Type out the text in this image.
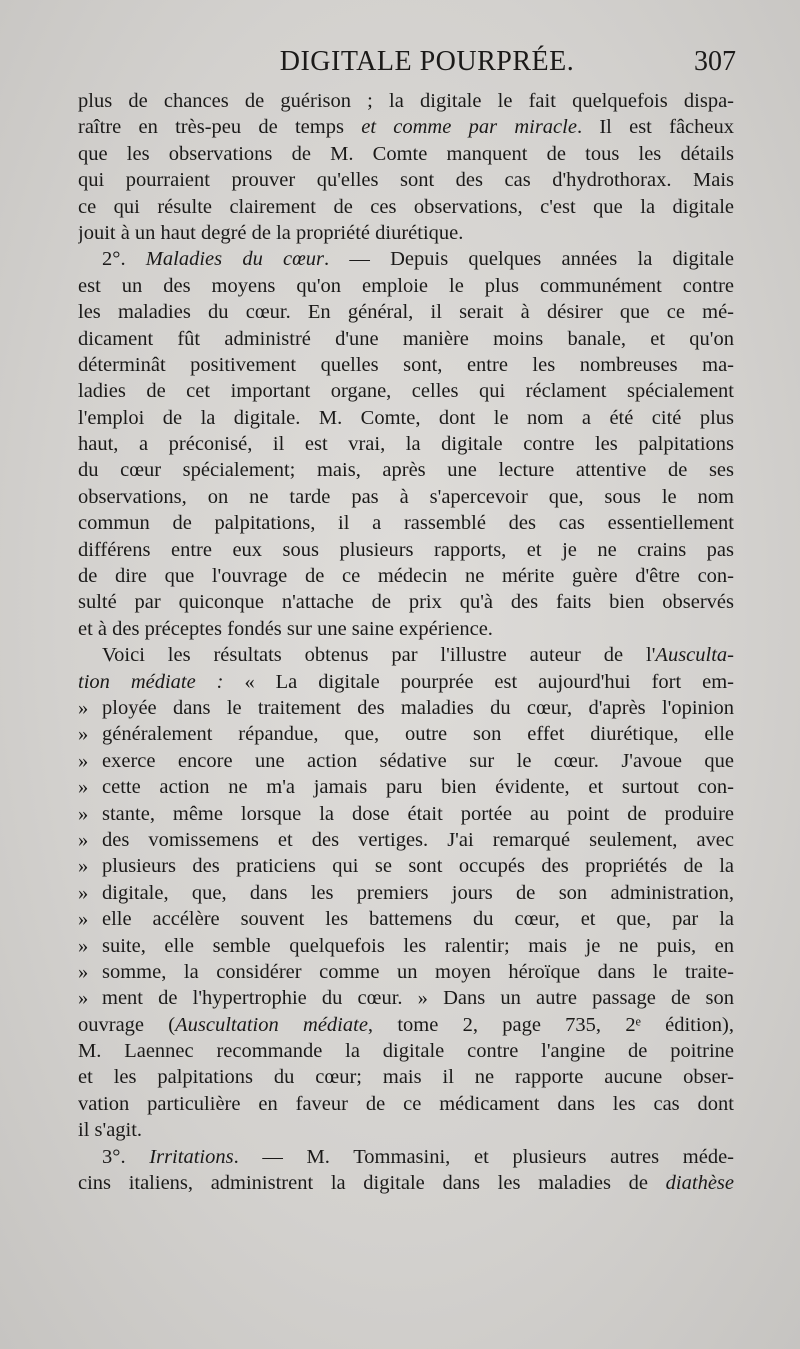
DIGITALE POURPRÉE.	307
plus de chances de guérison ; la digitale le fait quelquefois dispa-
raître en très-peu de temps et comme par miracle. Il est fâcheux
que les observations de M. Comte manquent de tous les détails
qui pourraient prouver qu'elles sont des cas d'hydrothorax. Mais
ce qui résulte clairement de ces observations, c'est que la digitale
jouit à un haut degré de la propriété diurétique.
2°. Maladies du cœur. — Depuis quelques années la digitale
est un des moyens qu'on emploie le plus communément contre
les maladies du cœur. En général, il serait à désirer que ce mé-
dicament fût administré d'une manière moins banale, et qu'on
déterminât positivement quelles sont, entre les nombreuses ma-
ladies de cet important organe, celles qui réclament spécialement
l'emploi de la digitale. M. Comte, dont le nom a été cité plus
haut, a préconisé, il est vrai, la digitale contre les palpitations
du cœur spécialement; mais, après une lecture attentive de ses
observations, on ne tarde pas à s'apercevoir que, sous le nom
commun de palpitations, il a rassemblé des cas essentiellement
différens entre eux sous plusieurs rapports, et je ne crains pas
de dire que l'ouvrage de ce médecin ne mérite guère d'être con-
sulté par quiconque n'attache de prix qu'à des faits bien observés
et à des préceptes fondés sur une saine expérience.
Voici les résultats obtenus par l'illustre auteur de l'Ausculta-
tion médiate : « La digitale pourprée est aujourd'hui fort em-
» ployée dans le traitement des maladies du cœur, d'après l'opinion
» généralement répandue, que, outre son effet diurétique, elle
» exerce encore une action sédative sur le cœur. J'avoue que
» cette action ne m'a jamais paru bien évidente, et surtout con-
» stante, même lorsque la dose était portée au point de produire
» des vomissemens et des vertiges. J'ai remarqué seulement, avec
» plusieurs des praticiens qui se sont occupés des propriétés de la
» digitale, que, dans les premiers jours de son administration,
» elle accélère souvent les battemens du cœur, et que, par la
» suite, elle semble quelquefois les ralentir; mais je ne puis, en
» somme, la considérer comme un moyen héroïque dans le traite-
» ment de l'hypertrophie du cœur. » Dans un autre passage de son
ouvrage (Auscultation médiate, tome 2, page 735, 2ᵉ édition),
M. Laennec recommande la digitale contre l'angine de poitrine
et les palpitations du cœur; mais il ne rapporte aucune obser-
vation particulière en faveur de ce médicament dans les cas dont
il s'agit.
3°. Irritations. — M. Tommasini, et plusieurs autres méde-
cins italiens, administrent la digitale dans les maladies de diathèse
